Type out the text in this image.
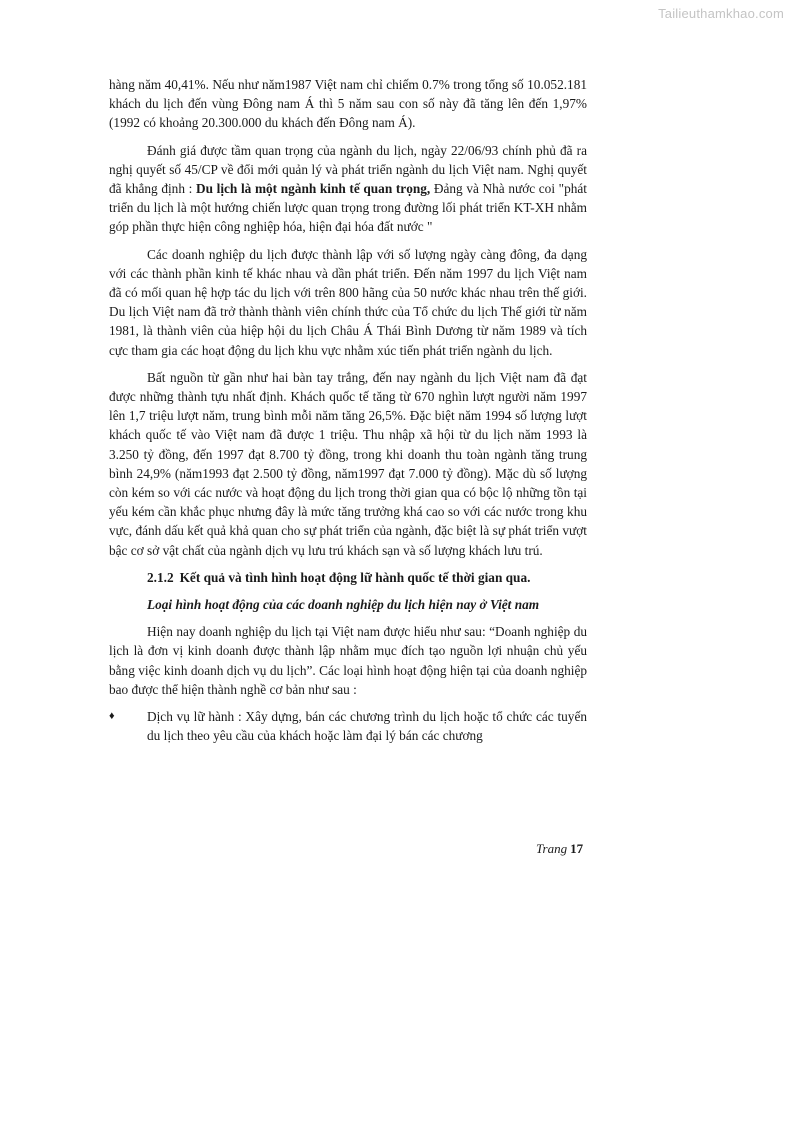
Tailieuthamkhao.com

hàng năm 40,41%. Nếu như năm1987 Việt nam chỉ chiếm 0.7% trong tổng số 10.052.181 khách du lịch đến vùng Đông nam Á thì 5 năm sau con số này đã tăng lên đến 1,97% (1992 có khoảng 20.300.000 du khách đến Đông nam Á).

Đánh giá được tầm quan trọng của ngành du lịch, ngày 22/06/93 chính phủ đã ra nghị quyết số 45/CP về đổi mới quản lý và phát triển ngành du lịch Việt nam. Nghị quyết đã khẳng định : Du lịch là một ngành kinh tế quan trọng, Đảng và Nhà nước coi "phát triển du lịch là một hướng chiến lược quan trọng trong đường lối phát triển KT-XH nhằm góp phần thực hiện công nghiệp hóa, hiện đại hóa đất nước "

Các doanh nghiệp du lịch được thành lập với số lượng ngày càng đông, đa dạng với các thành phần kinh tế khác nhau và dần phát triển. Đến năm 1997 du lịch Việt nam đã có mối quan hệ hợp tác du lịch với trên 800 hãng của 50 nước khác nhau trên thế giới. Du lịch Việt nam đã trở thành thành viên chính thức của Tổ chức du lịch Thế giới từ năm 1981, là thành viên của hiệp hội du lịch Châu Á Thái Bình Dương từ năm 1989 và tích cực tham gia các hoạt động du lịch khu vực nhằm xúc tiến phát triển ngành du lịch.

Bất nguồn từ gần như hai bàn tay trắng, đến nay ngành du lịch Việt nam đã đạt được những thành tựu nhất định. Khách quốc tế tăng từ 670 nghìn lượt người năm 1997 lên 1,7 triệu lượt năm, trung bình mỗi năm tăng 26,5%. Đặc biệt năm 1994 số lượng lượt khách quốc tế vào Việt nam đã được 1 triệu. Thu nhập xã hội từ du lịch năm 1993 là 3.250 tỷ đồng, đến 1997 đạt 8.700 tỷ đồng, trong khi doanh thu toàn ngành tăng trung bình 24,9% (năm1993 đạt 2.500 tỷ đồng, năm1997 đạt 7.000 tỷ đồng). Mặc dù số lượng còn kém so với các nước và hoạt động du lịch trong thời gian qua có bộc lộ những tồn tại yếu kém cần khắc phục nhưng đây là mức tăng trưởng khá cao so với các nước trong khu vực, đánh dấu kết quả khả quan cho sự phát triển của ngành, đặc biệt là sự phát triển vượt bậc cơ sở vật chất của ngành dịch vụ lưu trú khách sạn và số lượng khách lưu trú.

2.1.2 Kết quả và tình hình hoạt động lữ hành quốc tế thời gian qua.

Loại hình hoạt động của các doanh nghiệp du lịch hiện nay ở Việt nam

Hiện nay doanh nghiệp du lịch tại Việt nam được hiểu như sau: “Doanh nghiệp du lịch là đơn vị kinh doanh được thành lập nhằm mục đích tạo nguồn lợi nhuận chủ yếu bằng việc kinh doanh dịch vụ du lịch”. Các loại hình hoạt động hiện tại của doanh nghiệp bao được thể hiện thành nghề cơ bản như sau :

♦	Dịch vụ lữ hành : Xây dựng, bán các chương trình du lịch hoặc tổ chức các tuyến du lịch theo yêu cầu của khách hoặc làm đại lý bán các chương
Trang 17
